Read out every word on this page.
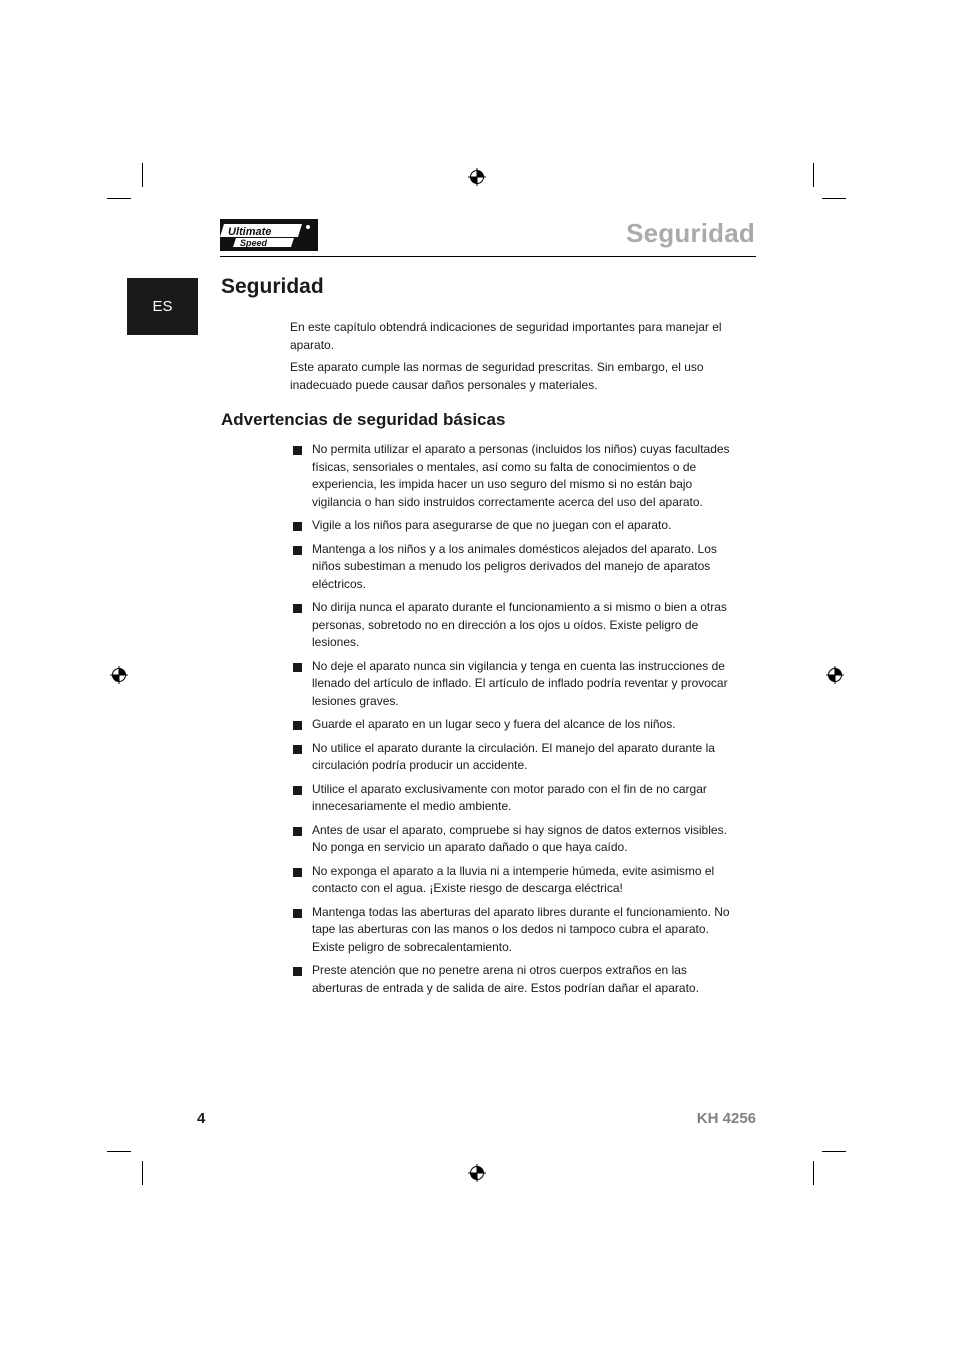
Ultimate
Speed	Seguridad
ES
Seguridad

En este capítulo obtendrá indicaciones de seguridad importantes para manejar el aparato.

Este aparato cumple las normas de seguridad prescritas. Sin embargo, el uso inadecuado puede causar daños personales y materiales.

Advertencias de seguridad básicas
No permita utilizar el aparato a personas (incluidos los niños) cuyas facultades físicas, sensoriales o mentales, así como su falta de conocimientos o de experiencia, les impida hacer un uso seguro del mismo si no están bajo vigilancia o han sido instruidos correctamente acerca del uso del aparato.
Vigile a los niños para asegurarse de que no juegan con el aparato.
Mantenga a los niños y a los animales domésticos alejados del aparato. Los niños subestiman a menudo los peligros derivados del manejo de aparatos eléctricos.
No dirija nunca el aparato durante el funcionamiento a si mismo o bien a otras personas, sobretodo no en dirección a los ojos u oídos. Existe peligro de lesiones.
No deje el aparato nunca sin vigilancia y tenga en cuenta las instrucciones de llenado del artículo de inflado. El artículo de inflado podría reventar y provocar lesiones graves.
Guarde el aparato en un lugar seco y fuera del alcance de los niños.
No utilice el aparato durante la circulación. El manejo del aparato durante la circulación podría producir un accidente.
Utilice el aparato exclusivamente con motor parado con el fin de no cargar innecesariamente el medio ambiente.
Antes de usar el aparato, compruebe si hay signos de datos externos visibles. No ponga en servicio un aparato dañado o que haya caído.
No exponga el aparato a la lluvia ni a intemperie húmeda, evite asimismo el contacto con el agua. ¡Existe riesgo de descarga eléctrica!
Mantenga todas las aberturas del aparato libres durante el funcionamiento. No tape las aberturas con las manos o los dedos ni tampoco cubra el aparato. Existe peligro de sobrecalentamiento.
Preste atención que no penetre arena ni otros cuerpos extraños en las aberturas de entrada y de salida de aire. Estos podrían dañar el aparato.
4	KH 4256
